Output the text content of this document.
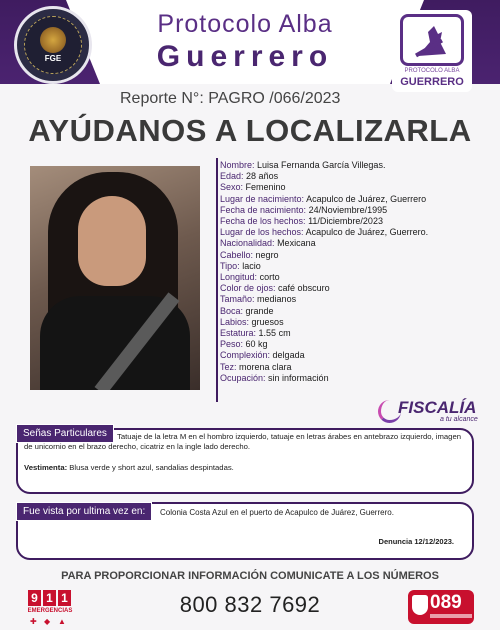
FGE
Protocolo Alba
Guerrero	PROTOCOLO ALBA
GUERRERO
Reporte N°: PAGRO /066/2023
AYÚDANOS A LOCALIZARLA
Nombre: Luisa Fernanda García Villegas.
Edad: 28 años
Sexo: Femenino
Lugar de nacimiento: Acapulco de Juárez, Guerrero
Fecha de nacimiento: 24/Noviembre/1995
Fecha de los hechos: 11/Diciembre/2023
Lugar de los hechos: Acapulco de Juárez, Guerrero.
Nacionalidad: Mexicana
Cabello: negro
Tipo: lacio
Longitud: corto
Color de ojos: café obscuro
Tamaño: medianos
Boca: grande
Labios: gruesos
Estatura: 1.55 cm
Peso: 60 kg
Complexión: delgada
Tez: morena clara
Ocupación: sin información
FISCALÍA
a tu alcance
Señas Particulares	Tatuaje de la letra M en el hombro izquierdo, tatuaje en letras árabes en antebrazo izquierdo, imagen de unicornio en el brazo derecho, cicatriz en la ingle lado derecho.
Vestimenta: Blusa verde y short azul, sandalias despintadas.
Fue vista por ultima vez en:	Colonia Costa Azul en el puerto de Acapulco de Juárez, Guerrero.
Denuncia 12/12/2023.
PARA PROPORCIONAR INFORMACIÓN COMUNICATE A LOS NÚMEROS
9 1 1
EMERGENCIAS
✚ ◆ ▲
800 832 7692	089
